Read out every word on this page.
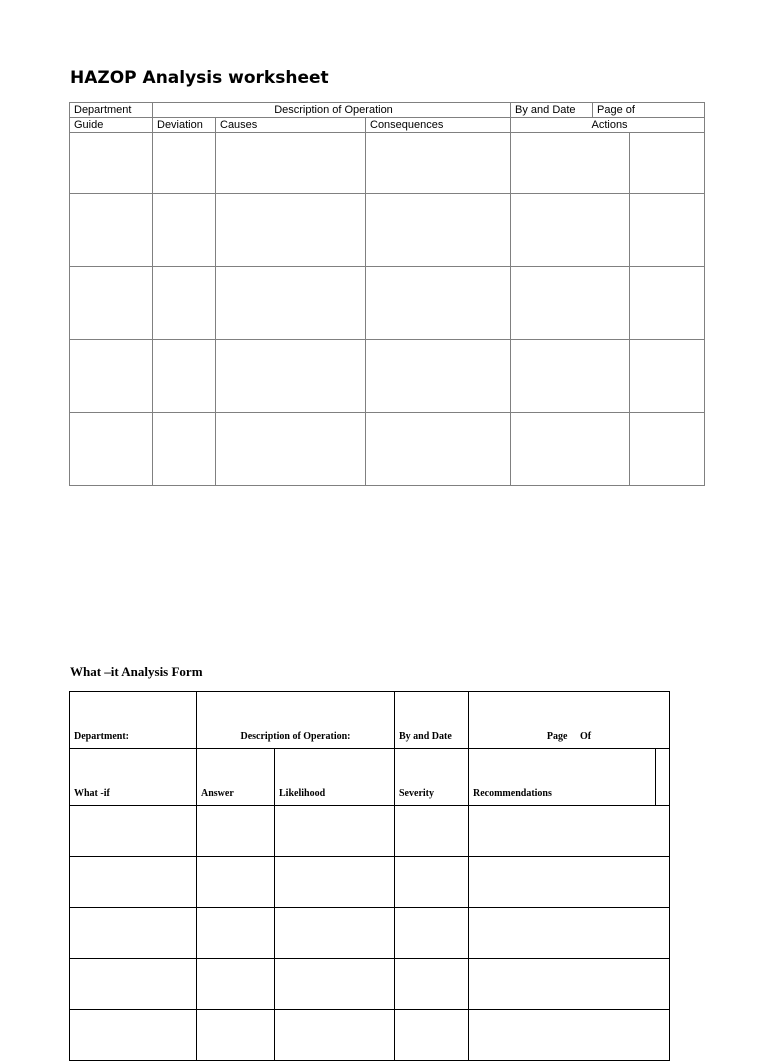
HAZOP Analysis worksheet
Department	Description of Operation			By and Date	Page of	
Guide	Deviation	Causes	Consequences	Actions		

What –it Analysis Form
Department:	Description of Operation:		By and Date	Page     Of
What -if	Answer	Likelihood	Severity	Recommendations
